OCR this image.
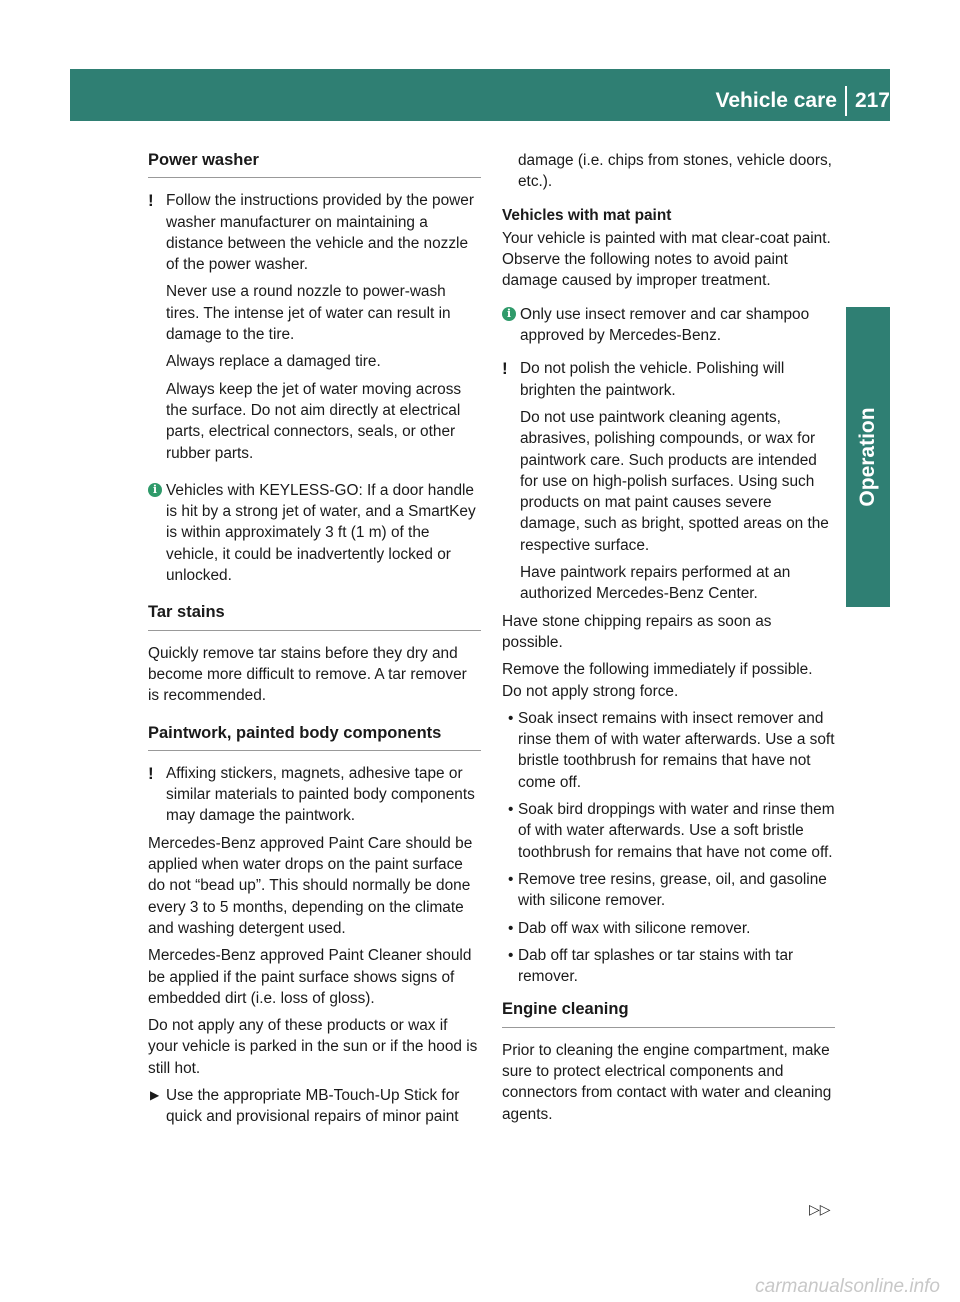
Vehicle care 217
Operation
Power washer
! Follow the instructions provided by the power washer manufacturer on maintaining a distance between the vehicle and the nozzle of the power washer.

Never use a round nozzle to power-wash tires. The intense jet of water can result in damage to the tire.

Always replace a damaged tire.

Always keep the jet of water moving across the surface. Do not aim directly at electrical parts, electrical connectors, seals, or other rubber parts.

i Vehicles with KEYLESS-GO: If a door handle is hit by a strong jet of water, and a SmartKey is within approximately 3 ft (1 m) of the vehicle, it could be inadvertently locked or unlocked.

Tar stains

Quickly remove tar stains before they dry and become more difficult to remove. A tar remover is recommended.

Paintwork, painted body components
! Affixing stickers, magnets, adhesive tape or similar materials to painted body components may damage the paintwork.

Mercedes-Benz approved Paint Care should be applied when water drops on the paint surface do not “bead up”. This should normally be done every 3 to 5 months, depending on the climate and washing detergent used.

Mercedes-Benz approved Paint Cleaner should be applied if the paint surface shows signs of embedded dirt (i.e. loss of gloss).

Do not apply any of these products or wax if your vehicle is parked in the sun or if the hood is still hot.

▶ Use the appropriate MB-Touch-Up Stick for quick and provisional repairs of minor paint

damage (i.e. chips from stones, vehicle doors, etc.).

Vehicles with mat paint

Your vehicle is painted with mat clear-coat paint. Observe the following notes to avoid paint damage caused by improper treatment.

i Only use insect remover and car shampoo approved by Mercedes-Benz.

! Do not polish the vehicle. Polishing will brighten the paintwork.

Do not use paintwork cleaning agents, abrasives, polishing compounds, or wax for paintwork care. Such products are intended for use on high-polish surfaces. Using such products on mat paint causes severe damage, such as bright, spotted areas on the respective surface.

Have paintwork repairs performed at an authorized Mercedes-Benz Center.

Have stone chipping repairs as soon as possible.

Remove the following immediately if possible. Do not apply strong force.

• Soak insect remains with insect remover and rinse them of with water afterwards. Use a soft bristle toothbrush for remains that have not come off.
• Soak bird droppings with water and rinse them of with water afterwards. Use a soft bristle toothbrush for remains that have not come off.
• Remove tree resins, grease, oil, and gasoline with silicone remover.
• Dab off wax with silicone remover.
• Dab off tar splashes or tar stains with tar remover.
Engine cleaning

Prior to cleaning the engine compartment, make sure to protect electrical components and connectors from contact with water and cleaning agents.

▷▷
carmanualsonline.info
